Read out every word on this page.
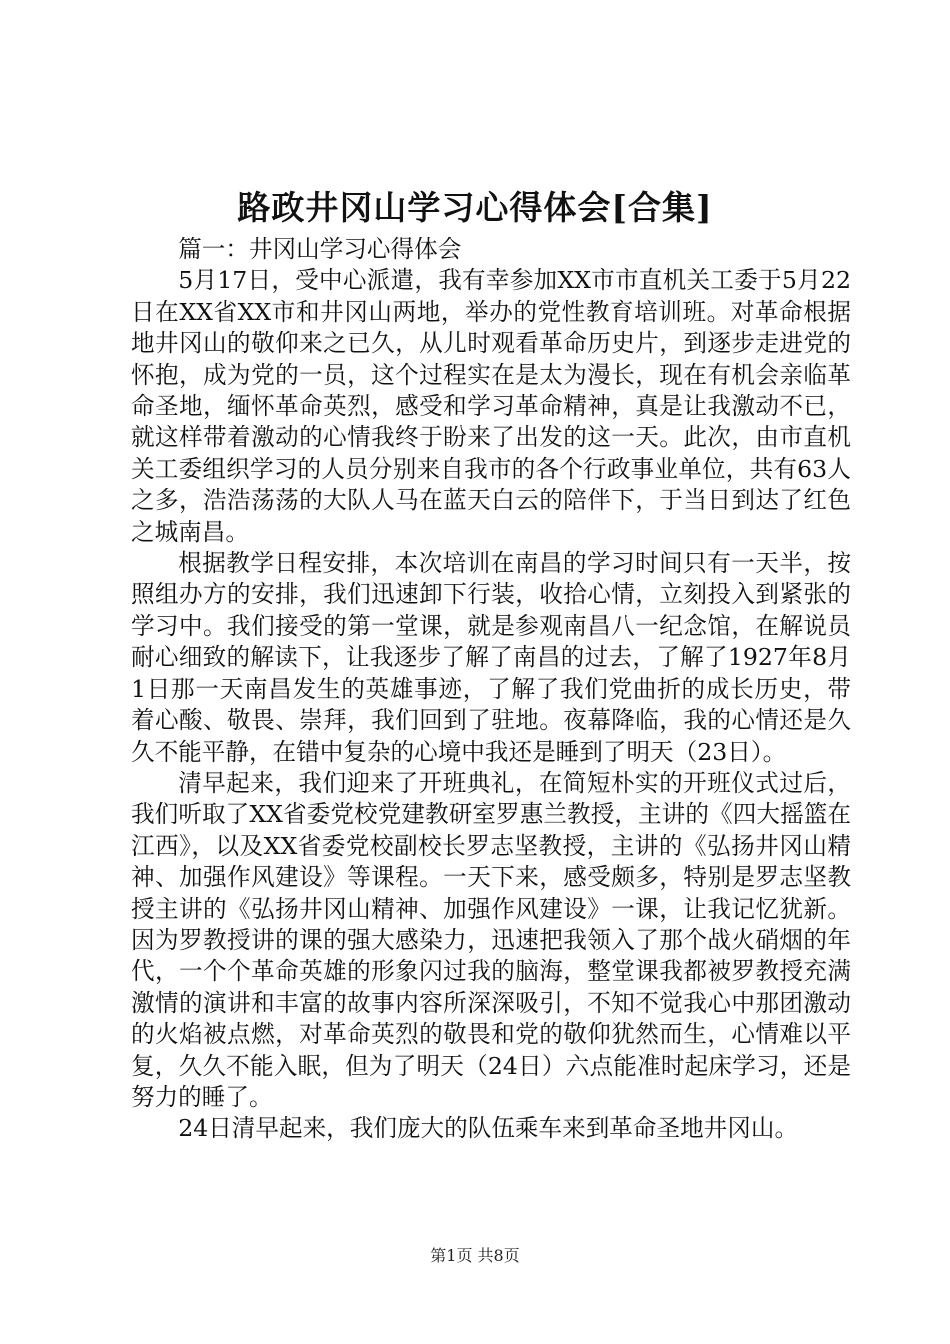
路政井冈山学习心得体会[合集]

篇一：井冈山学习心得体会

5月17日，受中心派遣，我有幸参加XX市市直机关工委于5月22日在XX省XX市和井冈山两地，举办的党性教育培训班。对革命根据地井冈山的敬仰来之已久，从儿时观看革命历史片，到逐步走进党的怀抱，成为党的一员，这个过程实在是太为漫长，现在有机会亲临革命圣地，缅怀革命英烈，感受和学习革命精神，真是让我激动不已，就这样带着激动的心情我终于盼来了出发的这一天。此次，由市直机关工委组织学习的人员分别来自我市的各个行政事业单位，共有63人之多，浩浩荡荡的大队人马在蓝天白云的陪伴下，于当日到达了红色之城南昌。

根据教学日程安排，本次培训在南昌的学习时间只有一天半，按照组办方的安排，我们迅速卸下行装，收拾心情，立刻投入到紧张的学习中。我们接受的第一堂课，就是参观南昌八一纪念馆，在解说员耐心细致的解读下，让我逐步了解了南昌的过去，了解了1927年8月1日那一天南昌发生的英雄事迹，了解了我们党曲折的成长历史，带着心酸、敬畏、崇拜，我们回到了驻地。夜幕降临，我的心情还是久久不能平静，在错中复杂的心境中我还是睡到了明天（23日）。

清早起来，我们迎来了开班典礼，在简短朴实的开班仪式过后，我们听取了XX省委党校党建教研室罗惠兰教授，主讲的《四大摇篮在江西》，以及XX省委党校副校长罗志坚教授，主讲的《弘扬井冈山精神、加强作风建设》等课程。一天下来，感受颇多，特别是罗志坚教授主讲的《弘扬井冈山精神、加强作风建设》一课，让我记忆犹新。因为罗教授讲的课的强大感染力，迅速把我领入了那个战火硝烟的年代，一个个革命英雄的形象闪过我的脑海，整堂课我都被罗教授充满激情的演讲和丰富的故事内容所深深吸引，不知不觉我心中那团激动的火焰被点燃，对革命英烈的敬畏和党的敬仰犹然而生，心情难以平复，久久不能入眠，但为了明天（24日）六点能准时起床学习，还是努力的睡了。

24日清早起来，我们庞大的队伍乘车来到革命圣地井冈山。

第1页 共8页
